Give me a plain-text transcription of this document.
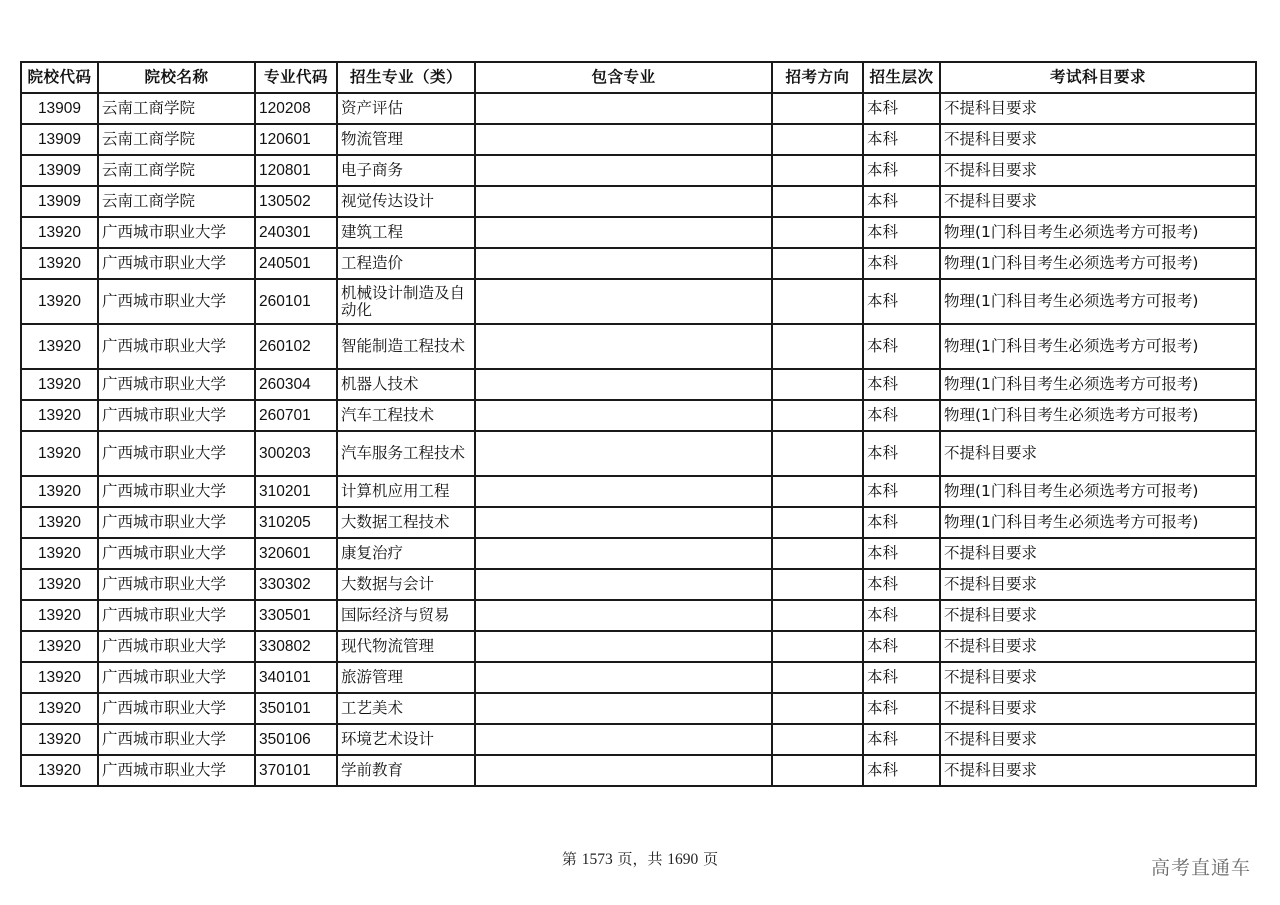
院校代码	院校名称	专业代码	招生专业（类）	包含专业	招考方向	招生层次	考试科目要求
13909	云南工商学院	120208	资产评估			本科	不提科目要求
13909	云南工商学院	120601	物流管理			本科	不提科目要求
13909	云南工商学院	120801	电子商务			本科	不提科目要求
13909	云南工商学院	130502	视觉传达设计			本科	不提科目要求
13920	广西城市职业大学	240301	建筑工程			本科	物理(1门科目考生必须选考方可报考)
13920	广西城市职业大学	240501	工程造价			本科	物理(1门科目考生必须选考方可报考)
13920	广西城市职业大学	260101	机械设计制造及自动化			本科	物理(1门科目考生必须选考方可报考)
13920	广西城市职业大学	260102	智能制造工程技术			本科	物理(1门科目考生必须选考方可报考)
13920	广西城市职业大学	260304	机器人技术			本科	物理(1门科目考生必须选考方可报考)
13920	广西城市职业大学	260701	汽车工程技术			本科	物理(1门科目考生必须选考方可报考)
13920	广西城市职业大学	300203	汽车服务工程技术			本科	不提科目要求
13920	广西城市职业大学	310201	计算机应用工程			本科	物理(1门科目考生必须选考方可报考)
13920	广西城市职业大学	310205	大数据工程技术			本科	物理(1门科目考生必须选考方可报考)
13920	广西城市职业大学	320601	康复治疗			本科	不提科目要求
13920	广西城市职业大学	330302	大数据与会计			本科	不提科目要求
13920	广西城市职业大学	330501	国际经济与贸易			本科	不提科目要求
13920	广西城市职业大学	330802	现代物流管理			本科	不提科目要求
13920	广西城市职业大学	340101	旅游管理			本科	不提科目要求
13920	广西城市职业大学	350101	工艺美术			本科	不提科目要求
13920	广西城市职业大学	350106	环境艺术设计			本科	不提科目要求
13920	广西城市职业大学	370101	学前教育			本科	不提科目要求
第 1573 页，共 1690 页	高考直通车
